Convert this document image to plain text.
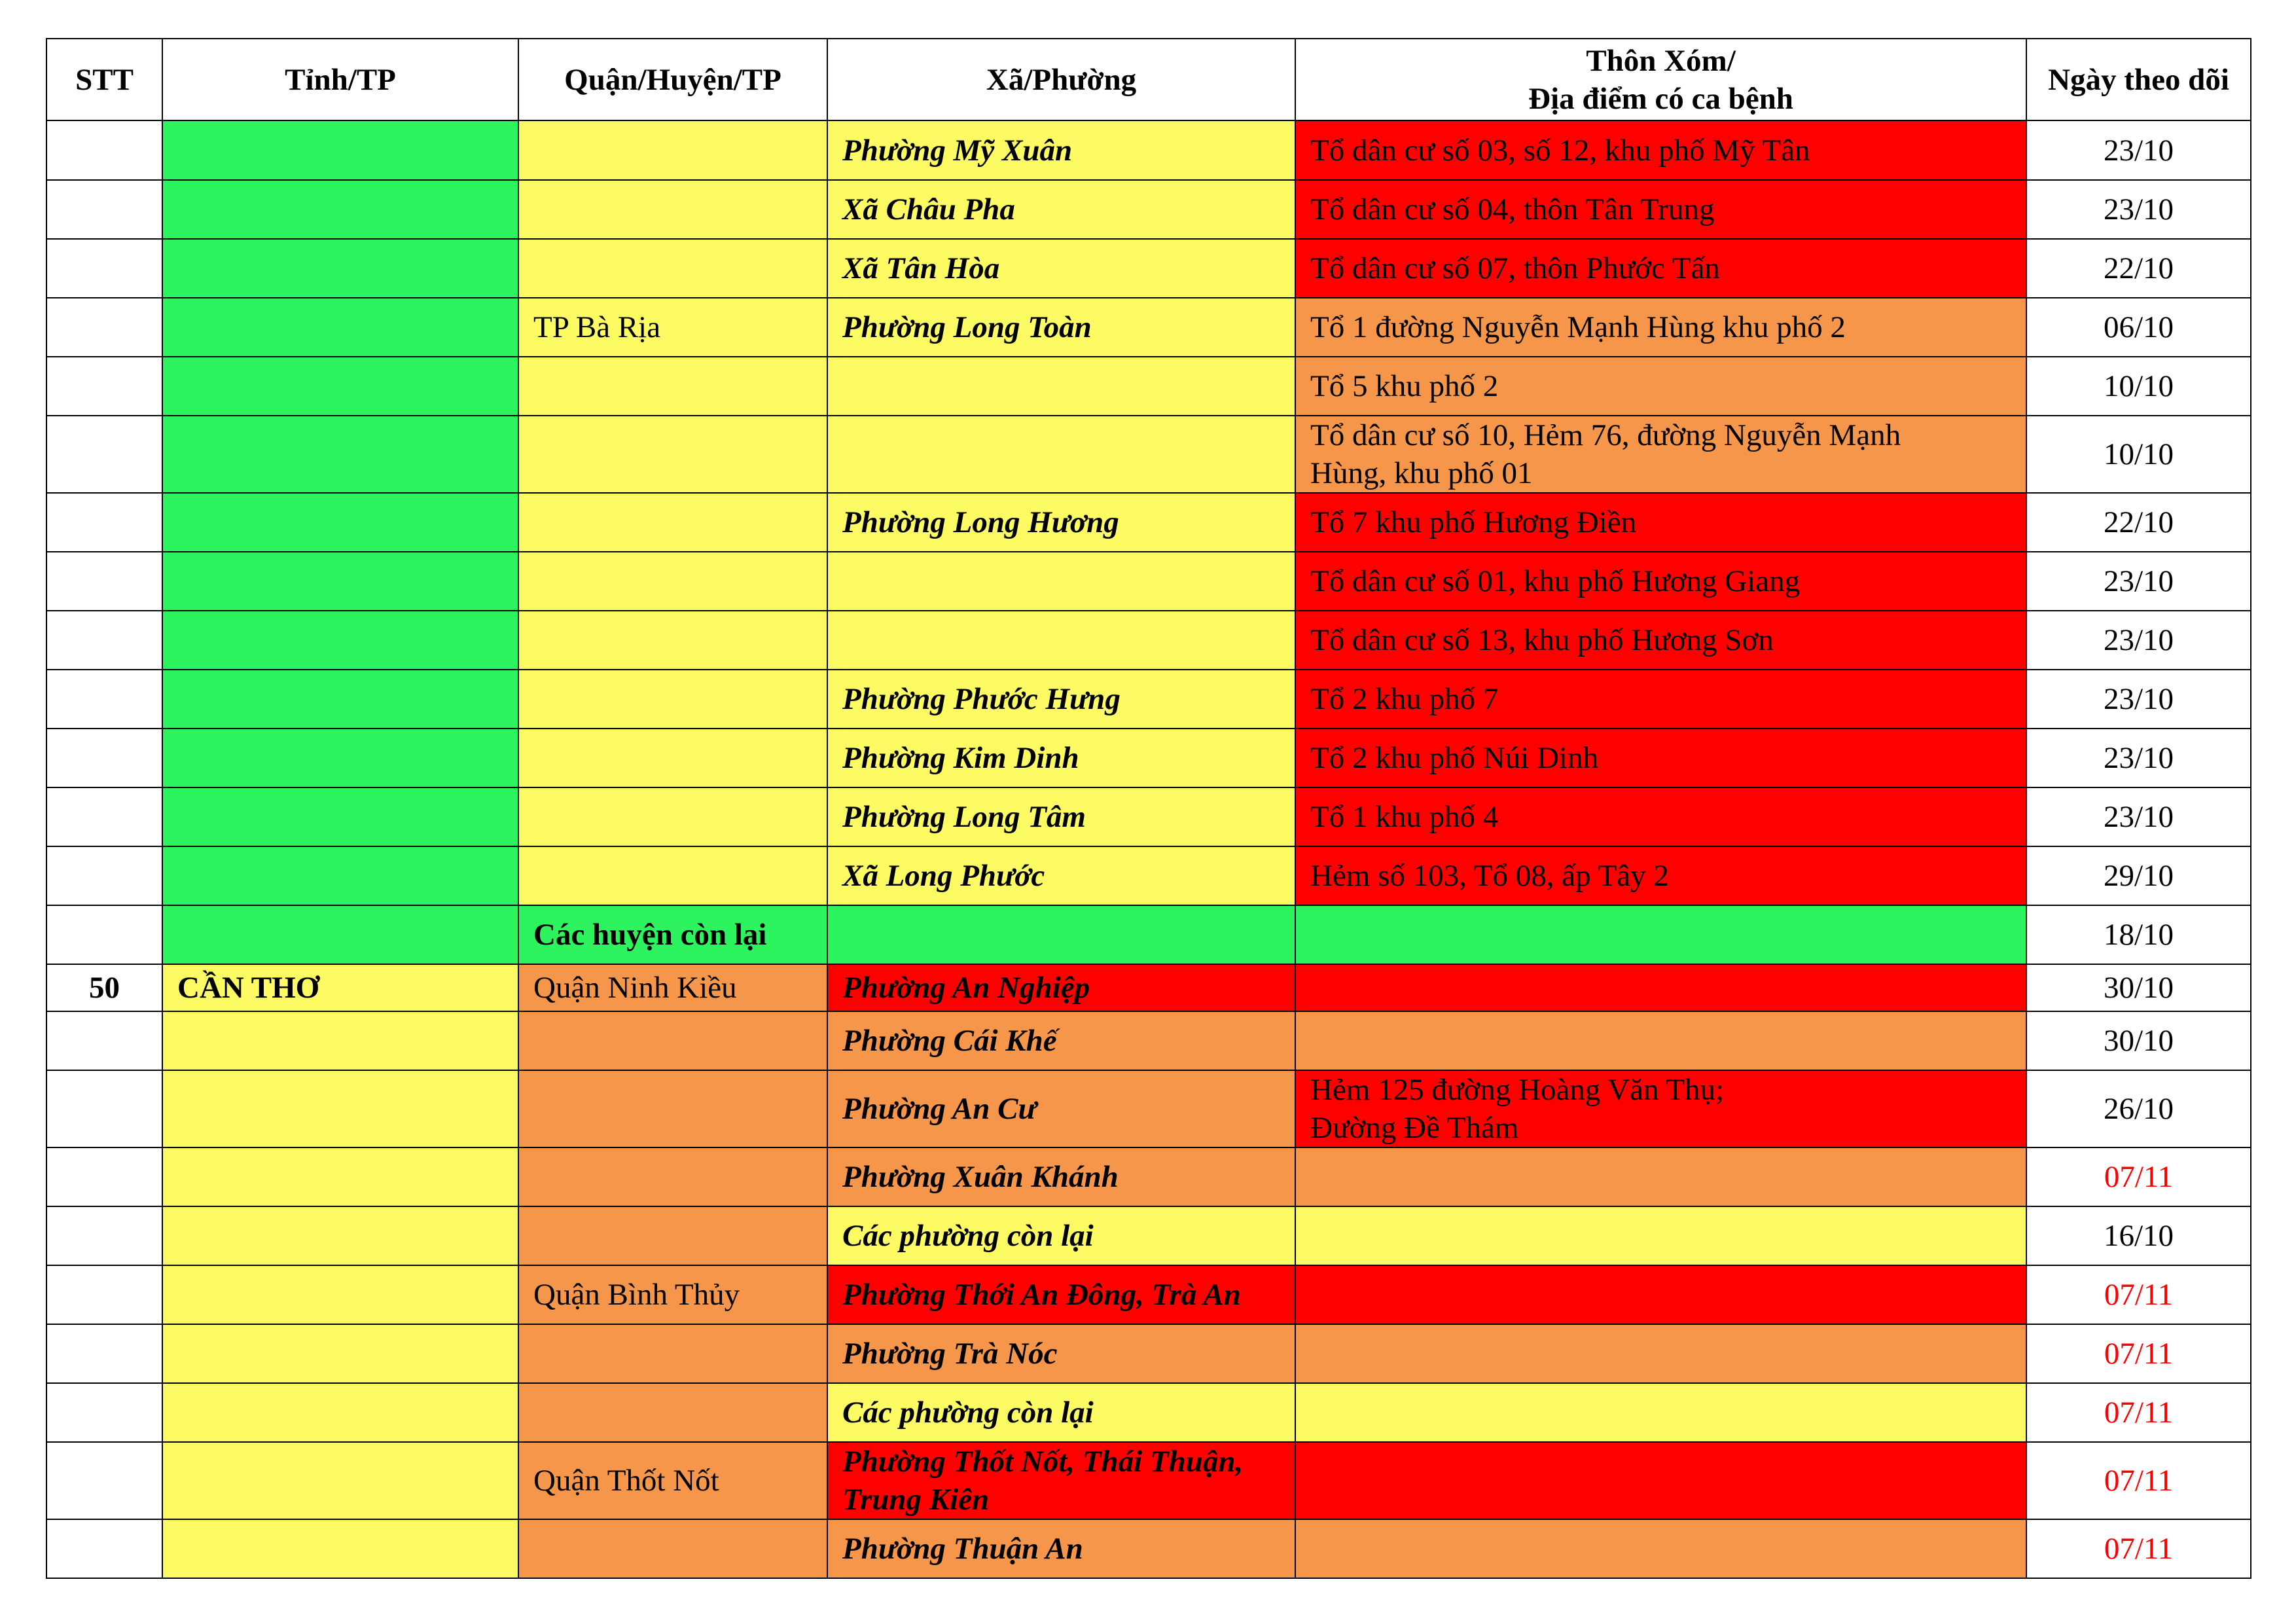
STT	Tỉnh/TP	Quận/Huyện/TP	Xã/Phường	Thôn Xóm/
Địa điểm có ca bệnh	Ngày theo dõi
			Phường Mỹ Xuân	Tổ dân cư số 03, số 12, khu phố Mỹ Tân	23/10
			Xã Châu Pha	Tổ dân cư số 04, thôn Tân Trung	23/10
			Xã Tân Hòa	Tổ dân cư số 07, thôn Phước Tấn	22/10
		TP Bà Rịa	Phường Long Toàn	Tổ 1 đường Nguyễn Mạnh Hùng khu phố 2	06/10
				Tổ 5 khu phố 2	10/10

				Tổ dân cư số 10, Hẻm 76, đường Nguyễn Mạnh
Hùng, khu phố 01	10/10
			Phường Long Hương	Tổ 7 khu phố Hương Điền	22/10
				Tổ dân cư số 01, khu phố Hương Giang	23/10
				Tổ dân cư số 13, khu phố Hương Sơn	23/10
			Phường Phước Hưng	Tổ 2 khu phố 7	23/10
			Phường Kim Dinh	Tổ 2 khu phố Núi Dinh	23/10
			Phường Long Tâm	Tổ 1 khu phố 4	23/10
			Xã Long Phước	Hẻm số 103, Tổ 08, ấp Tây 2	29/10
		Các huyện còn lại			18/10
50	CẦN THƠ	Quận Ninh Kiều	Phường An Nghiệp		30/10
			Phường Cái Khế		30/10
			Phường An Cư	Hẻm 125 đường Hoàng Văn Thụ;
Đường Đề Thám	26/10
			Phường Xuân Khánh		07/11
			Các phường còn lại		16/10
		Quận Bình Thủy	Phường Thới An Đông, Trà An		07/11
			Phường Trà Nóc		07/11
			Các phường còn lại		07/11
		Quận Thốt Nốt	Phường Thốt Nốt, Thái Thuận,
Trung Kiên		07/11
			Phường Thuận An		07/11
